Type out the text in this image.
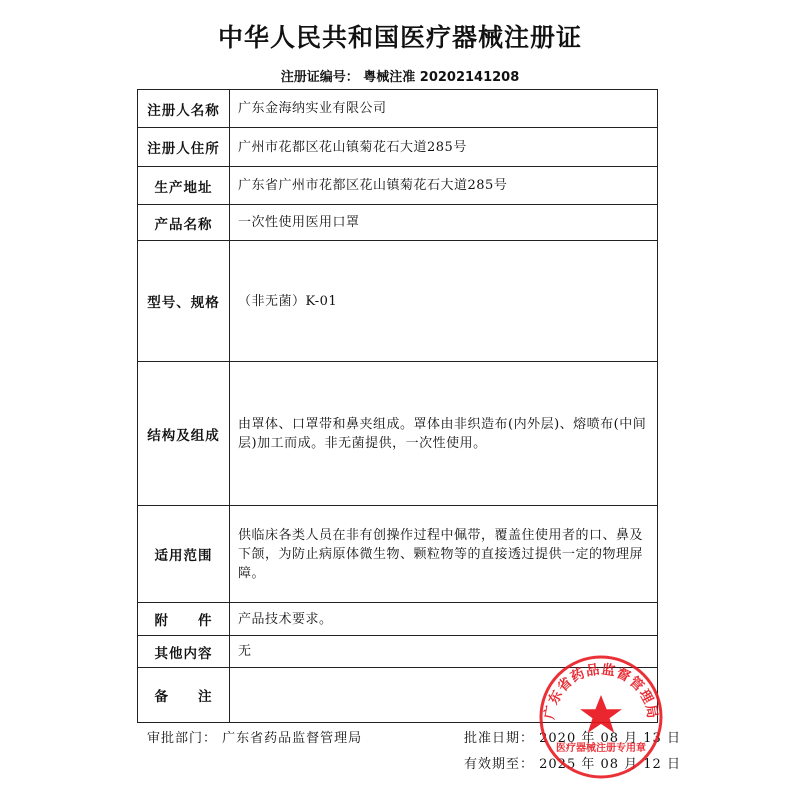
中华人民共和国医疗器械注册证
注册证编号： 粤械注准 20202141208
注册人名称	广东金海纳实业有限公司
注册人住所	广州市花都区花山镇菊花石大道285号
生产地址	广东省广州市花都区花山镇菊花石大道285号
产品名称	一次性使用医用口罩
型号、规格	（非无菌）K-01
结构及组成	由罩体、口罩带和鼻夹组成。罩体由非织造布(内外层)、熔喷布(中间层)加工而成。非无菌提供，一次性使用。
适用范围	供临床各类人员在非有创操作过程中佩带，覆盖住使用者的口、鼻及下颌，为防止病原体微生物、颗粒物等的直接透过提供一定的物理屏障。
附　　件	产品技术要求。
其他内容	无
备　　注	
审批部门： 广东省药品监督管理局	批准日期： 2020 年 08 月 13 日
有效期至： 2025 年 08 月 12 日
广东省药品监督管理局
医疗器械注册专用章
